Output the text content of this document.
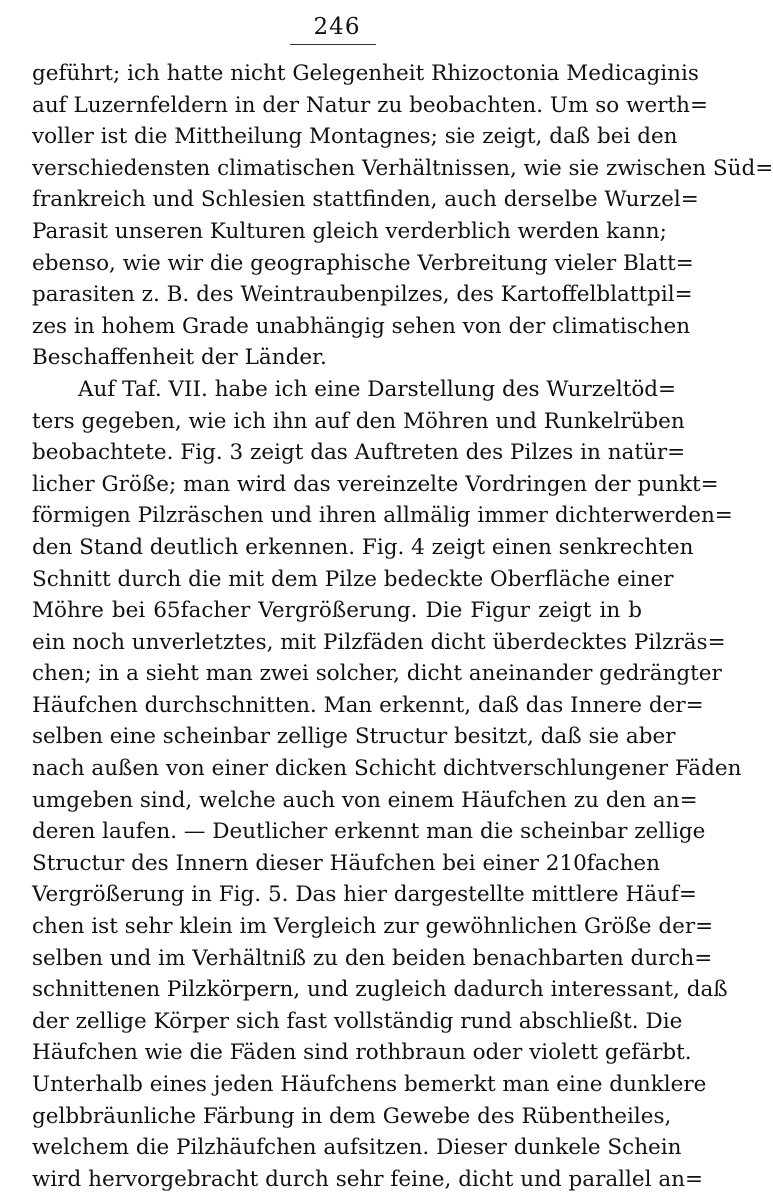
246
geführt; ich hatte nicht Gelegenheit Rhizoctonia Medicaginis
auf Luzernfeldern in der Natur zu beobachten. Um so werth=
voller ist die Mittheilung Montagnes; sie zeigt, daß bei den
verschiedensten climatischen Verhältnissen, wie sie zwischen Süd=
frankreich und Schlesien stattfinden, auch derselbe Wurzel=
Parasit unseren Kulturen gleich verderblich werden kann;
ebenso, wie wir die geographische Verbreitung vieler Blatt=
parasiten z. B. des Weintraubenpilzes, des Kartoffelblattpil=
zes in hohem Grade unabhängig sehen von der climatischen
Beschaffenheit der Länder.
Auf Taf. VII. habe ich eine Darstellung des Wurzeltöd=
ters gegeben, wie ich ihn auf den Möhren und Runkelrüben
beobachtete. Fig. 3 zeigt das Auftreten des Pilzes in natür=
licher Größe; man wird das vereinzelte Vordringen der punkt=
förmigen Pilzräschen und ihren allmälig immer dichterwerden=
den Stand deutlich erkennen. Fig. 4 zeigt einen senkrechten
Schnitt durch die mit dem Pilze bedeckte Oberfläche einer
Möhre bei 65facher Vergrößerung. Die Figur zeigt in b
ein noch unverletztes, mit Pilzfäden dicht überdecktes Pilzräs=
chen; in a sieht man zwei solcher, dicht aneinander gedrängter
Häufchen durchschnitten. Man erkennt, daß das Innere der=
selben eine scheinbar zellige Structur besitzt, daß sie aber
nach außen von einer dicken Schicht dichtverschlungener Fäden
umgeben sind, welche auch von einem Häufchen zu den an=
deren laufen. — Deutlicher erkennt man die scheinbar zellige
Structur des Innern dieser Häufchen bei einer 210fachen
Vergrößerung in Fig. 5. Das hier dargestellte mittlere Häuf=
chen ist sehr klein im Vergleich zur gewöhnlichen Größe der=
selben und im Verhältniß zu den beiden benachbarten durch=
schnittenen Pilzkörpern, und zugleich dadurch interessant, daß
der zellige Körper sich fast vollständig rund abschließt. Die
Häufchen wie die Fäden sind rothbraun oder violett gefärbt.
Unterhalb eines jeden Häufchens bemerkt man eine dunklere
gelbbräunliche Färbung in dem Gewebe des Rübentheiles,
welchem die Pilzhäufchen aufsitzen. Dieser dunkele Schein
wird hervorgebracht durch sehr feine, dicht und parallel an=
